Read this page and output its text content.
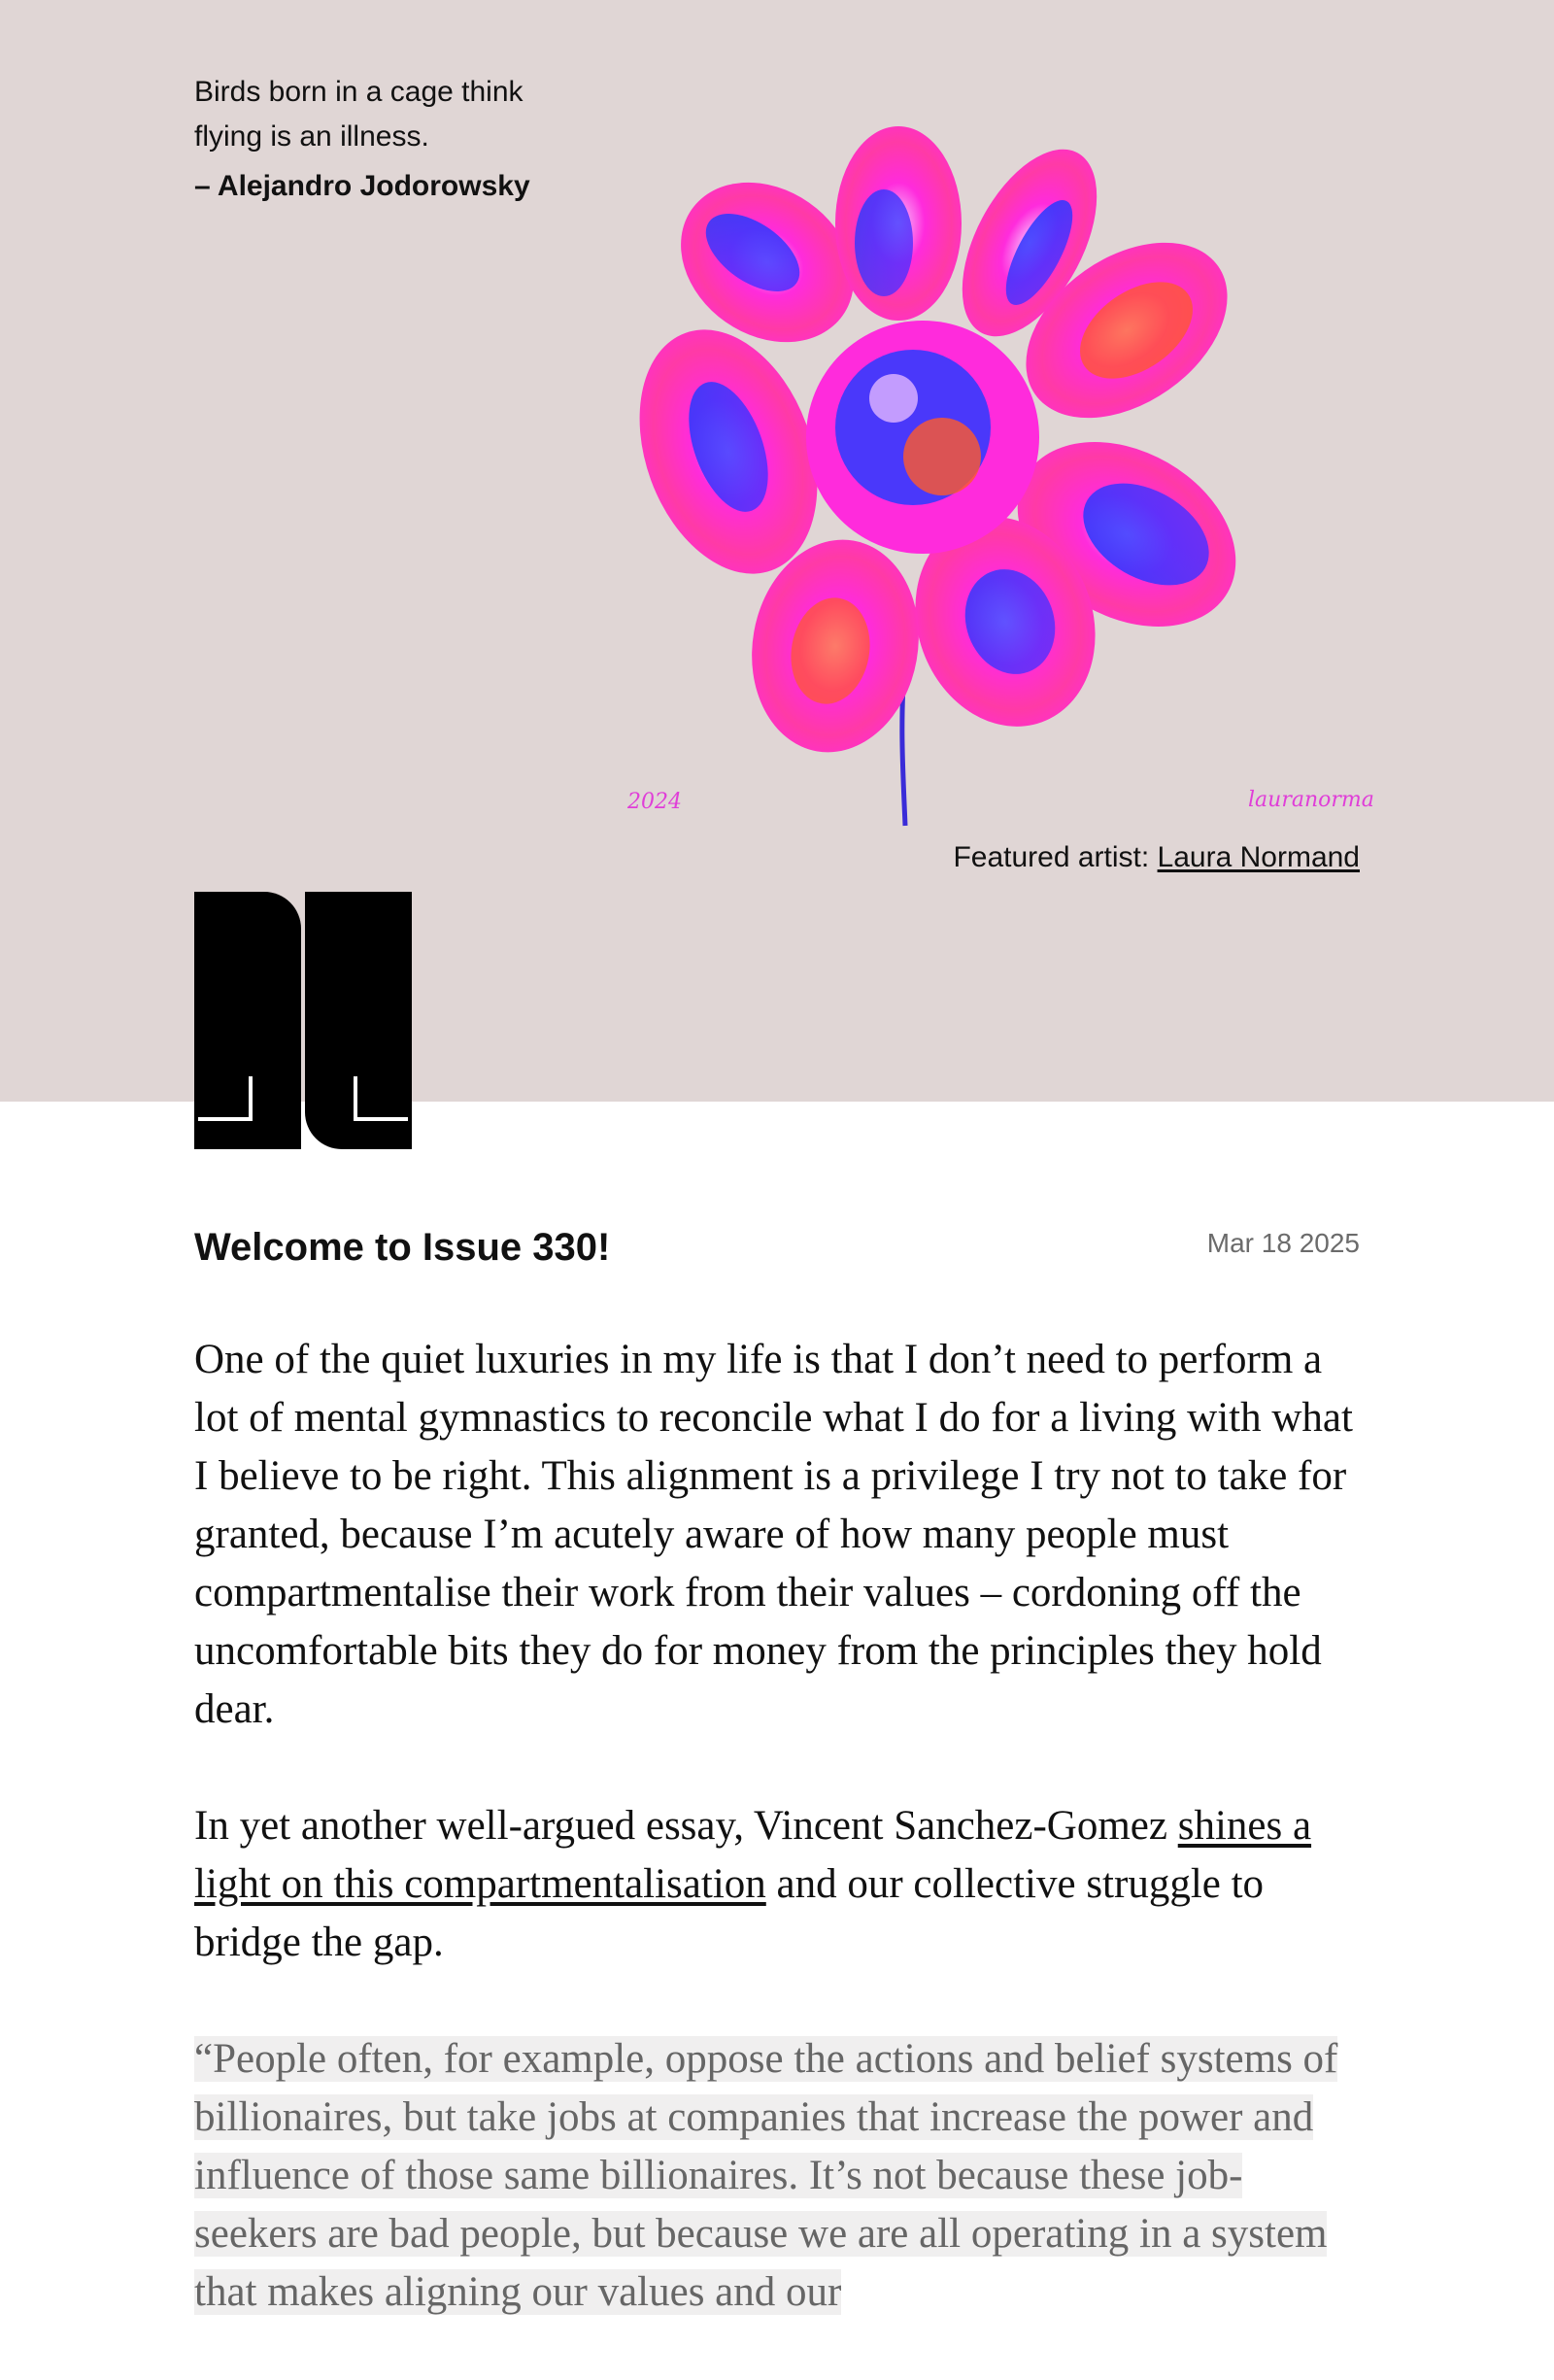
Birds born in a cage think flying is an illness.
– Alejandro Jodorowsky
2024	lauranorma
Featured artist: Laura Normand
Welcome to Issue 330!	Mar 18 2025

One of the quiet luxuries in my life is that I don’t need to perform a lot of mental gymnastics to reconcile what I do for a living with what I believe to be right. This alignment is a privilege I try not to take for granted, because I’m acutely aware of how many people must compartmentalise their work from their values – cordoning off the uncomfortable bits they do for money from the principles they hold dear.

In yet another well-argued essay, Vincent Sanchez-Gomez shines a light on this compartmentalisation and our collective struggle to bridge the gap.

“People often, for example, oppose the actions and belief systems of billionaires, but take jobs at companies that increase the power and influence of those same billionaires. It’s not because these job-seekers are bad people, but because we are all operating in a system that makes aligning our values and our
